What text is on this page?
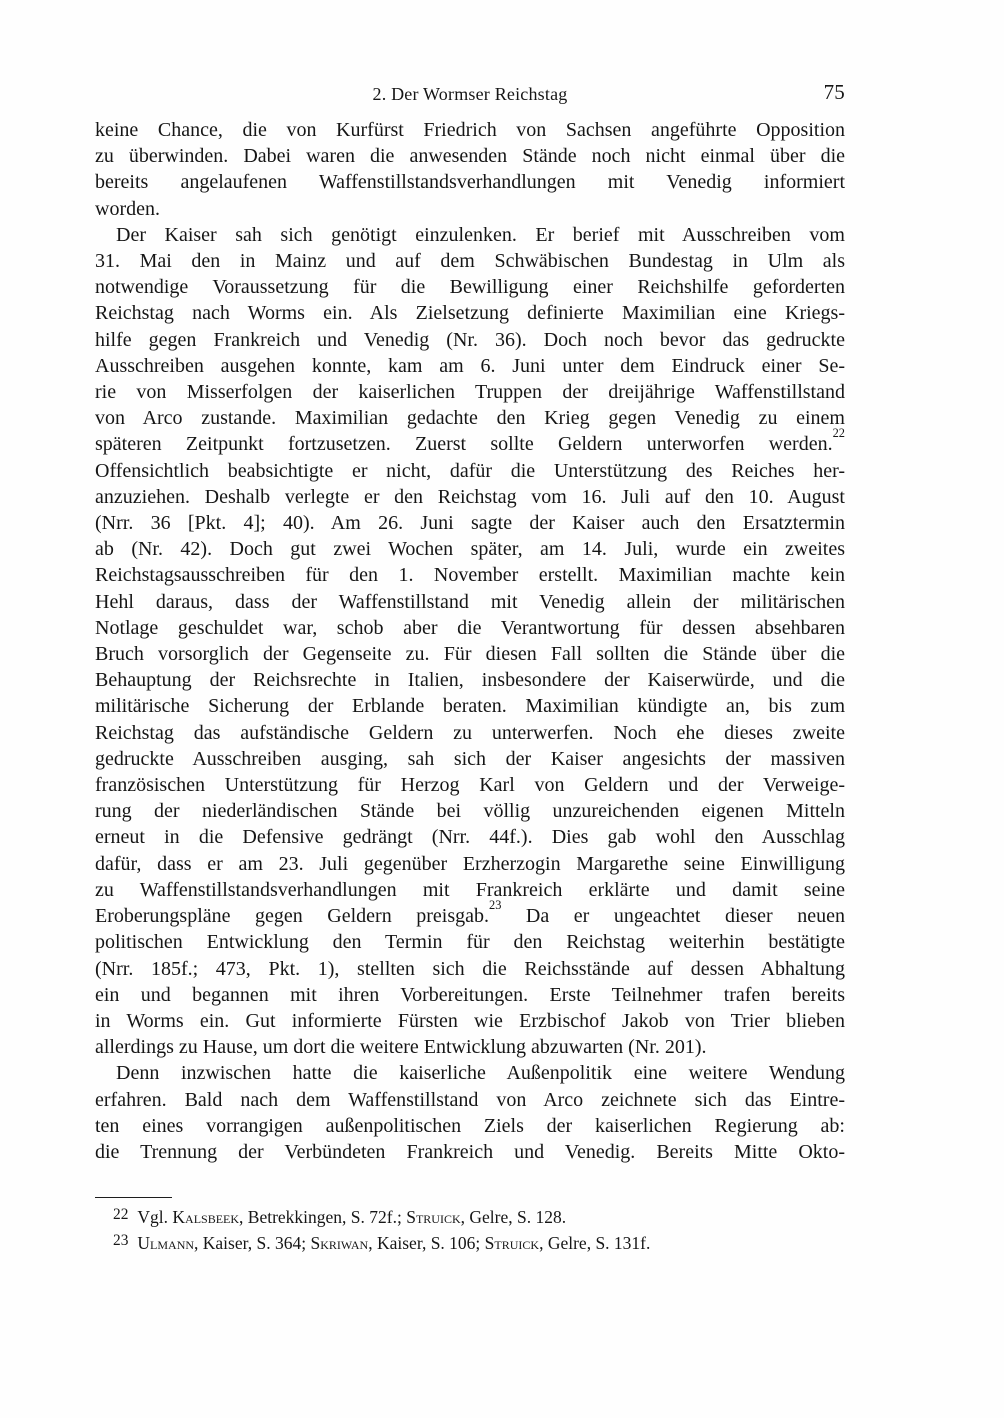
2. Der Wormser Reichstag	75
keine Chance, die von Kurfürst Friedrich von Sachsen angeführte Opposition
zu überwinden. Dabei waren die anwesenden Stände noch nicht einmal über die
bereits angelaufenen Waffenstillstandsverhandlungen mit Venedig informiert
worden.
Der Kaiser sah sich genötigt einzulenken. Er berief mit Ausschreiben vom
31. Mai den in Mainz und auf dem Schwäbischen Bundestag in Ulm als
notwendige Voraussetzung für die Bewilligung einer Reichshilfe geforderten
Reichstag nach Worms ein. Als Zielsetzung definierte Maximilian eine Kriegs-
hilfe gegen Frankreich und Venedig (Nr. 36). Doch noch bevor das gedruckte
Ausschreiben ausgehen konnte, kam am 6. Juni unter dem Eindruck einer Se-
rie von Misserfolgen der kaiserlichen Truppen der dreijährige Waffenstillstand
von Arco zustande. Maximilian gedachte den Krieg gegen Venedig zu einem
späteren Zeitpunkt fortzusetzen. Zuerst sollte Geldern unterworfen werden.$^{22}$
Offensichtlich beabsichtigte er nicht, dafür die Unterstützung des Reiches her-
anzuziehen. Deshalb verlegte er den Reichstag vom 16. Juli auf den 10. August
(Nrr. 36 [Pkt. 4]; 40). Am 26. Juni sagte der Kaiser auch den Ersatztermin
ab (Nr. 42). Doch gut zwei Wochen später, am 14. Juli, wurde ein zweites
Reichstagsausschreiben für den 1. November erstellt. Maximilian machte kein
Hehl daraus, dass der Waffenstillstand mit Venedig allein der militärischen
Notlage geschuldet war, schob aber die Verantwortung für dessen absehbaren
Bruch vorsorglich der Gegenseite zu. Für diesen Fall sollten die Stände über die
Behauptung der Reichsrechte in Italien, insbesondere der Kaiserwürde, und die
militärische Sicherung der Erblande beraten. Maximilian kündigte an, bis zum
Reichstag das aufständische Geldern zu unterwerfen. Noch ehe dieses zweite
gedruckte Ausschreiben ausging, sah sich der Kaiser angesichts der massiven
französischen Unterstützung für Herzog Karl von Geldern und der Verweige-
rung der niederländischen Stände bei völlig unzureichenden eigenen Mitteln
erneut in die Defensive gedrängt (Nrr. 44f.). Dies gab wohl den Ausschlag
dafür, dass er am 23. Juli gegenüber Erzherzogin Margarethe seine Einwilligung
zu Waffenstillstandsverhandlungen mit Frankreich erklärte und damit seine
Eroberungspläne gegen Geldern preisgab.$^{23}$ Da er ungeachtet dieser neuen
politischen Entwicklung den Termin für den Reichstag weiterhin bestätigte
(Nrr. 185f.; 473, Pkt. 1), stellten sich die Reichsstände auf dessen Abhaltung
ein und begannen mit ihren Vorbereitungen. Erste Teilnehmer trafen bereits
in Worms ein. Gut informierte Fürsten wie Erzbischof Jakob von Trier blieben
allerdings zu Hause, um dort die weitere Entwicklung abzuwarten (Nr. 201).
Denn inzwischen hatte die kaiserliche Außenpolitik eine weitere Wendung
erfahren. Bald nach dem Waffenstillstand von Arco zeichnete sich das Eintre-
ten eines vorrangigen außenpolitischen Ziels der kaiserlichen Regierung ab:
die Trennung der Verbündeten Frankreich und Venedig. Bereits Mitte Okto-
22 Vgl. Kalsbeek, Betrekkingen, S. 72f.; Struick, Gelre, S. 128.
23 Ulmann, Kaiser, S. 364; Skriwan, Kaiser, S. 106; Struick, Gelre, S. 131f.
